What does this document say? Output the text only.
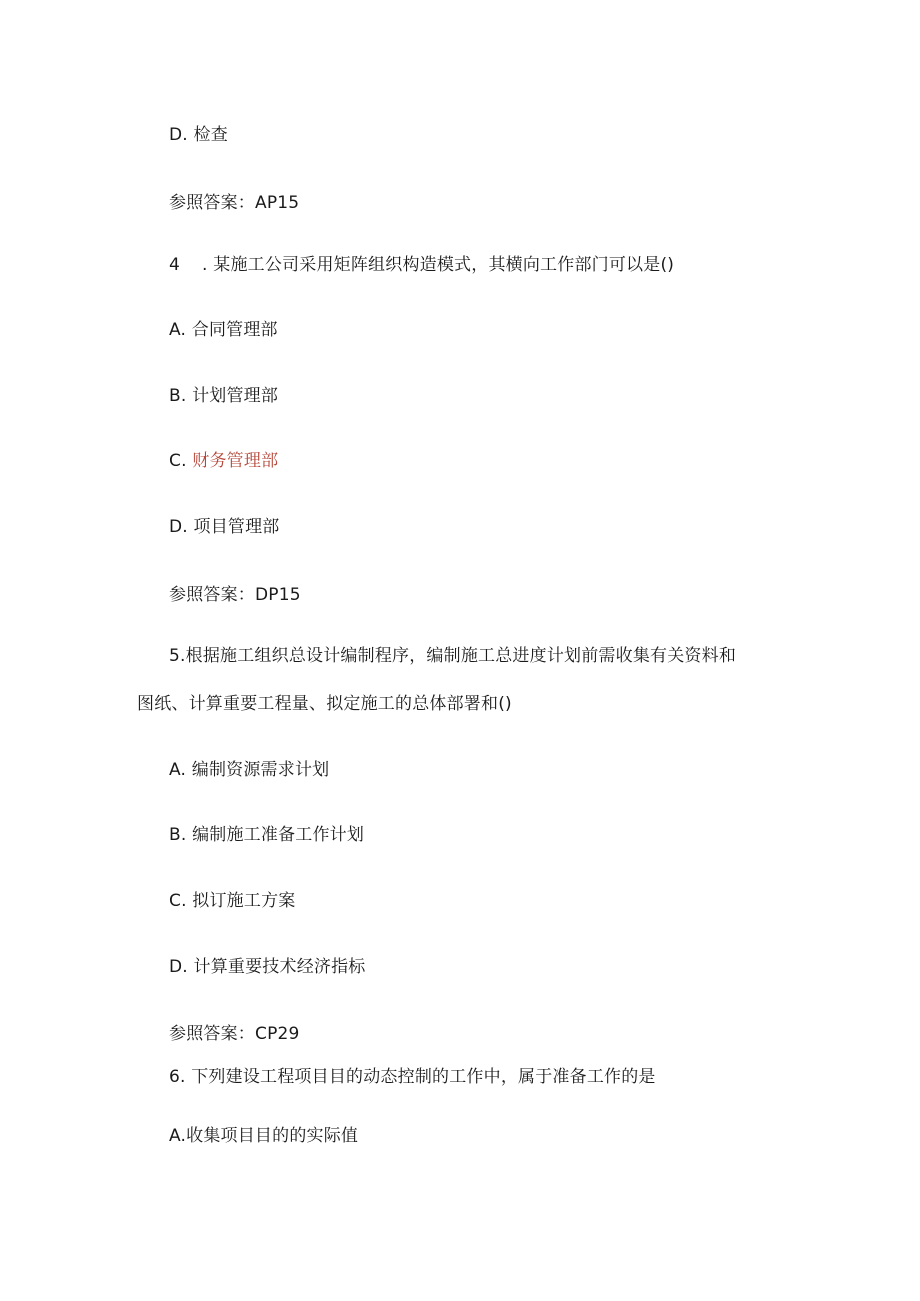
D. 检查
参照答案：AP15
4 . 某施工公司采用矩阵组织构造模式，其横向工作部门可以是()
A. 合同管理部
B. 计划管理部
C. 财务管理部
D. 项目管理部
参照答案：DP15
5.根据施工组织总设计编制程序，编制施工总进度计划前需收集有关资料和
图纸、计算重要工程量、拟定施工的总体部署和()
A. 编制资源需求计划
B. 编制施工准备工作计划
C. 拟订施工方案
D. 计算重要技术经济指标
参照答案：CP29
6. 下列建设工程项目目的动态控制的工作中，属于准备工作的是
A.收集项目目的的实际值
